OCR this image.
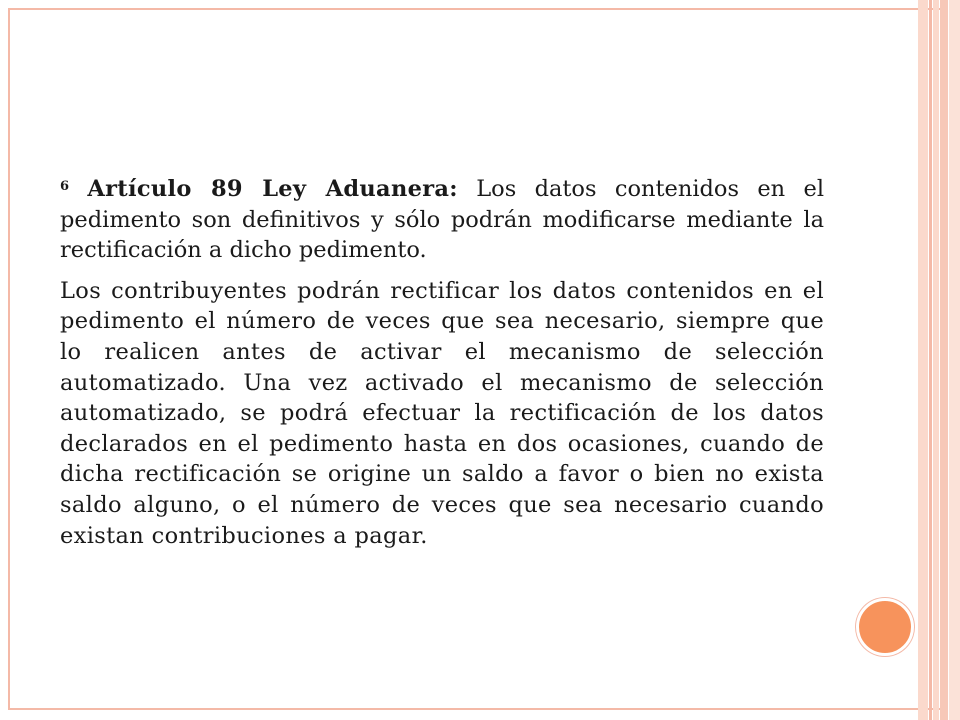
$^6$ Artículo 89 Ley Aduanera: Los datos contenidos en el pedimento son definitivos y sólo podrán modificarse mediante la rectificación a dicho pedimento.

Los contribuyentes podrán rectificar los datos contenidos en el pedimento el número de veces que sea necesario, siempre que lo realicen antes de activar el mecanismo de selección automatizado. Una vez activado el mecanismo de selección automatizado, se podrá efectuar la rectificación de los datos declarados en el pedimento hasta en dos ocasiones, cuando de dicha rectificación se origine un saldo a favor o bien no exista saldo alguno, o el número de veces que sea necesario cuando existan contribuciones a pagar.
